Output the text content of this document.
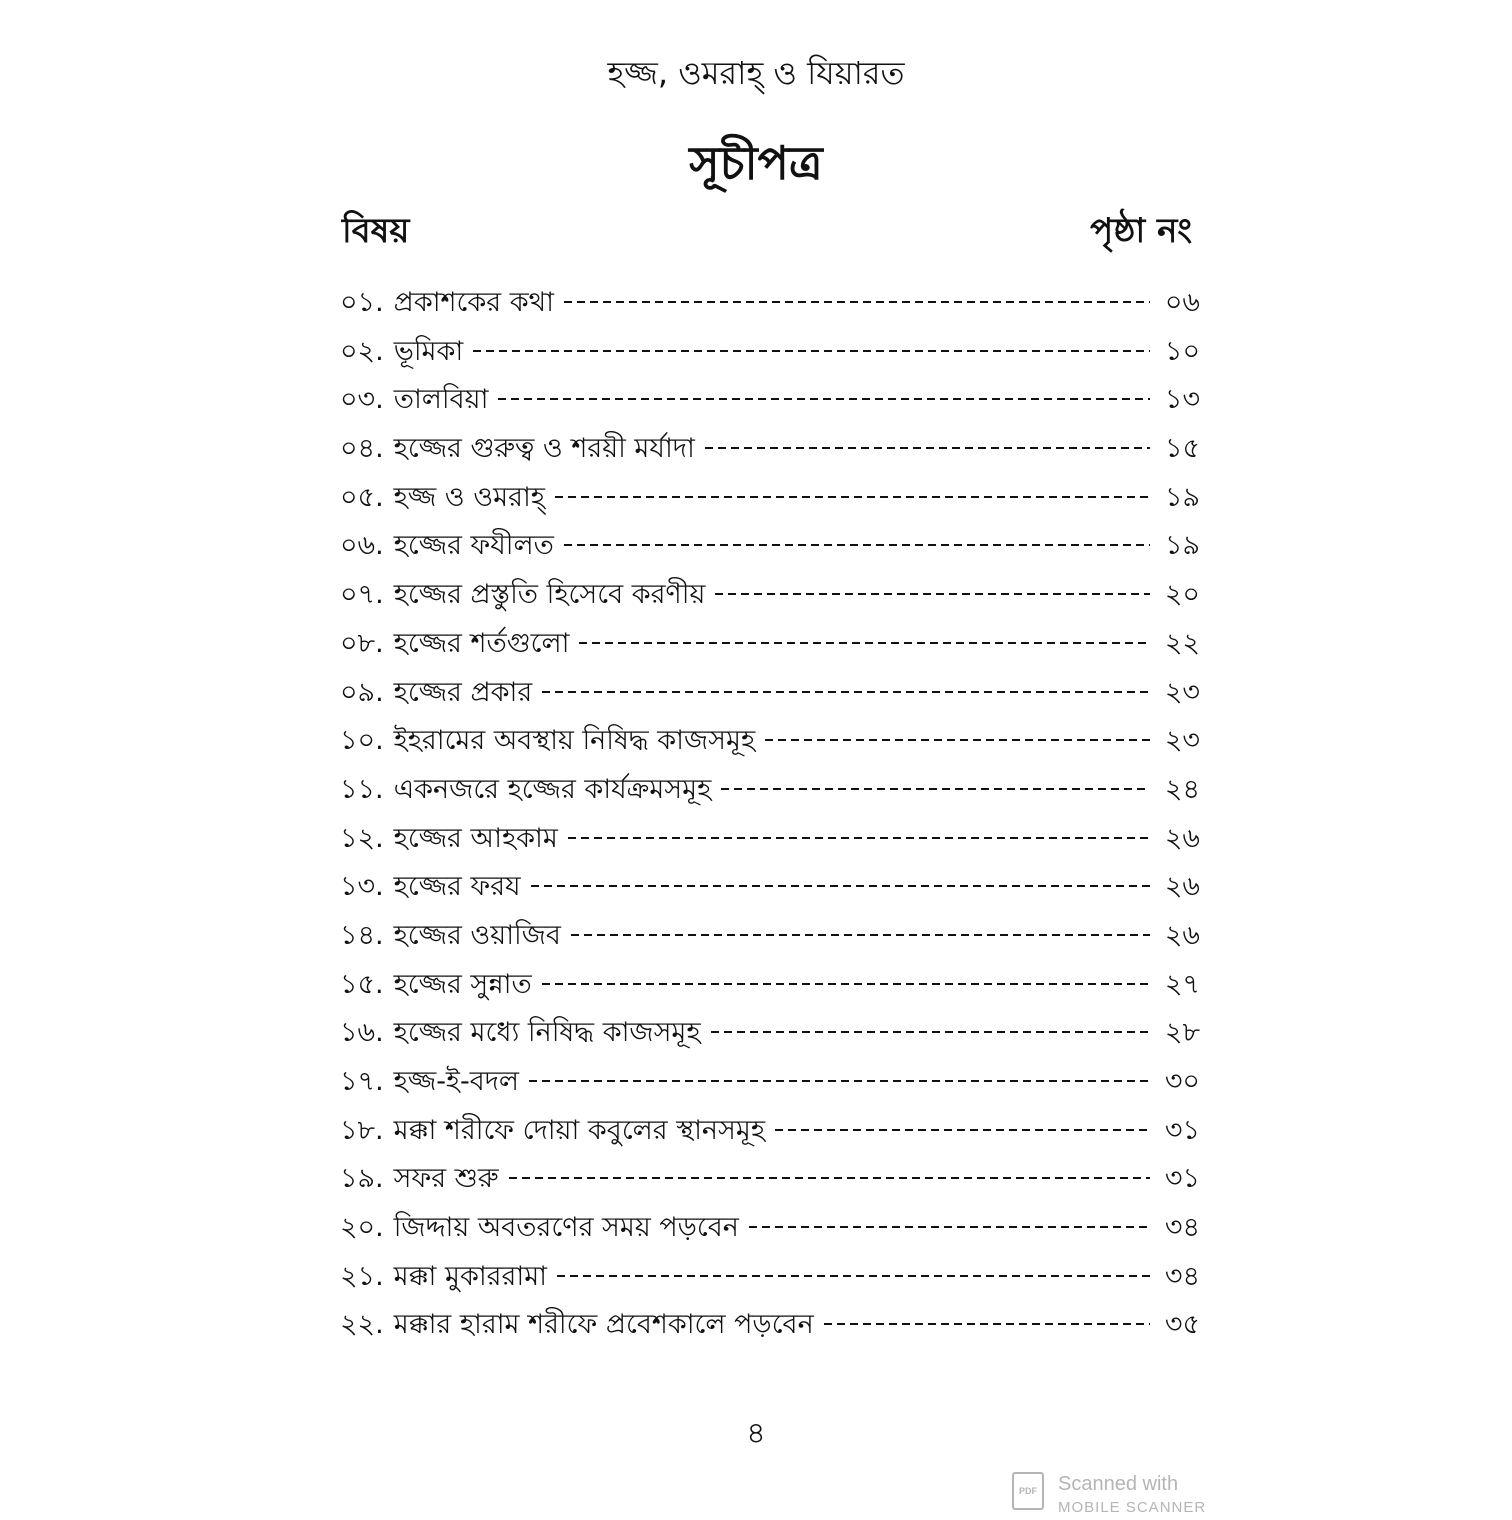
হজ্জ, ওমরাহ্ ও যিয়ারত
সূচীপত্র
বিষয়	পৃষ্ঠা নং
০১. প্রকাশকের কথা	০৬
০২. ভূমিকা	১০
০৩. তালবিয়া	১৩
০৪. হজ্জের গুরুত্ব ও শরয়ী মর্যাদা	১৫
০৫. হজ্জ ও ওমরাহ্	১৯
০৬. হজ্জের ফযীলত	১৯
০৭. হজ্জের প্রস্তুতি হিসেবে করণীয়	২০
০৮. হজ্জের শর্তগুলো	২২
০৯. হজ্জের প্রকার	২৩
১০. ইহরামের অবস্থায় নিষিদ্ধ কাজসমূহ	২৩
১১. একনজরে হজ্জের কার্যক্রমসমূহ	২৪
১২. হজ্জের আহকাম	২৬
১৩. হজ্জের ফরয	২৬
১৪. হজ্জের ওয়াজিব	২৬
১৫. হজ্জের সুন্নাত	২৭
১৬. হজ্জের মধ্যে নিষিদ্ধ কাজসমূহ	২৮
১৭. হজ্জ-ই-বদল	৩০
১৮. মক্কা শরীফে দোয়া কবুলের স্থানসমূহ	৩১
১৯. সফর শুরু	৩১
২০. জিদ্দায় অবতরণের সময় পড়বেন	৩৪
২১. মক্কা মুকাররামা	৩৪
২২. মক্কার হারাম শরীফে প্রবেশকালে পড়বেন	৩৫
৪
PDF	Scanned with
MOBILE SCANNER
